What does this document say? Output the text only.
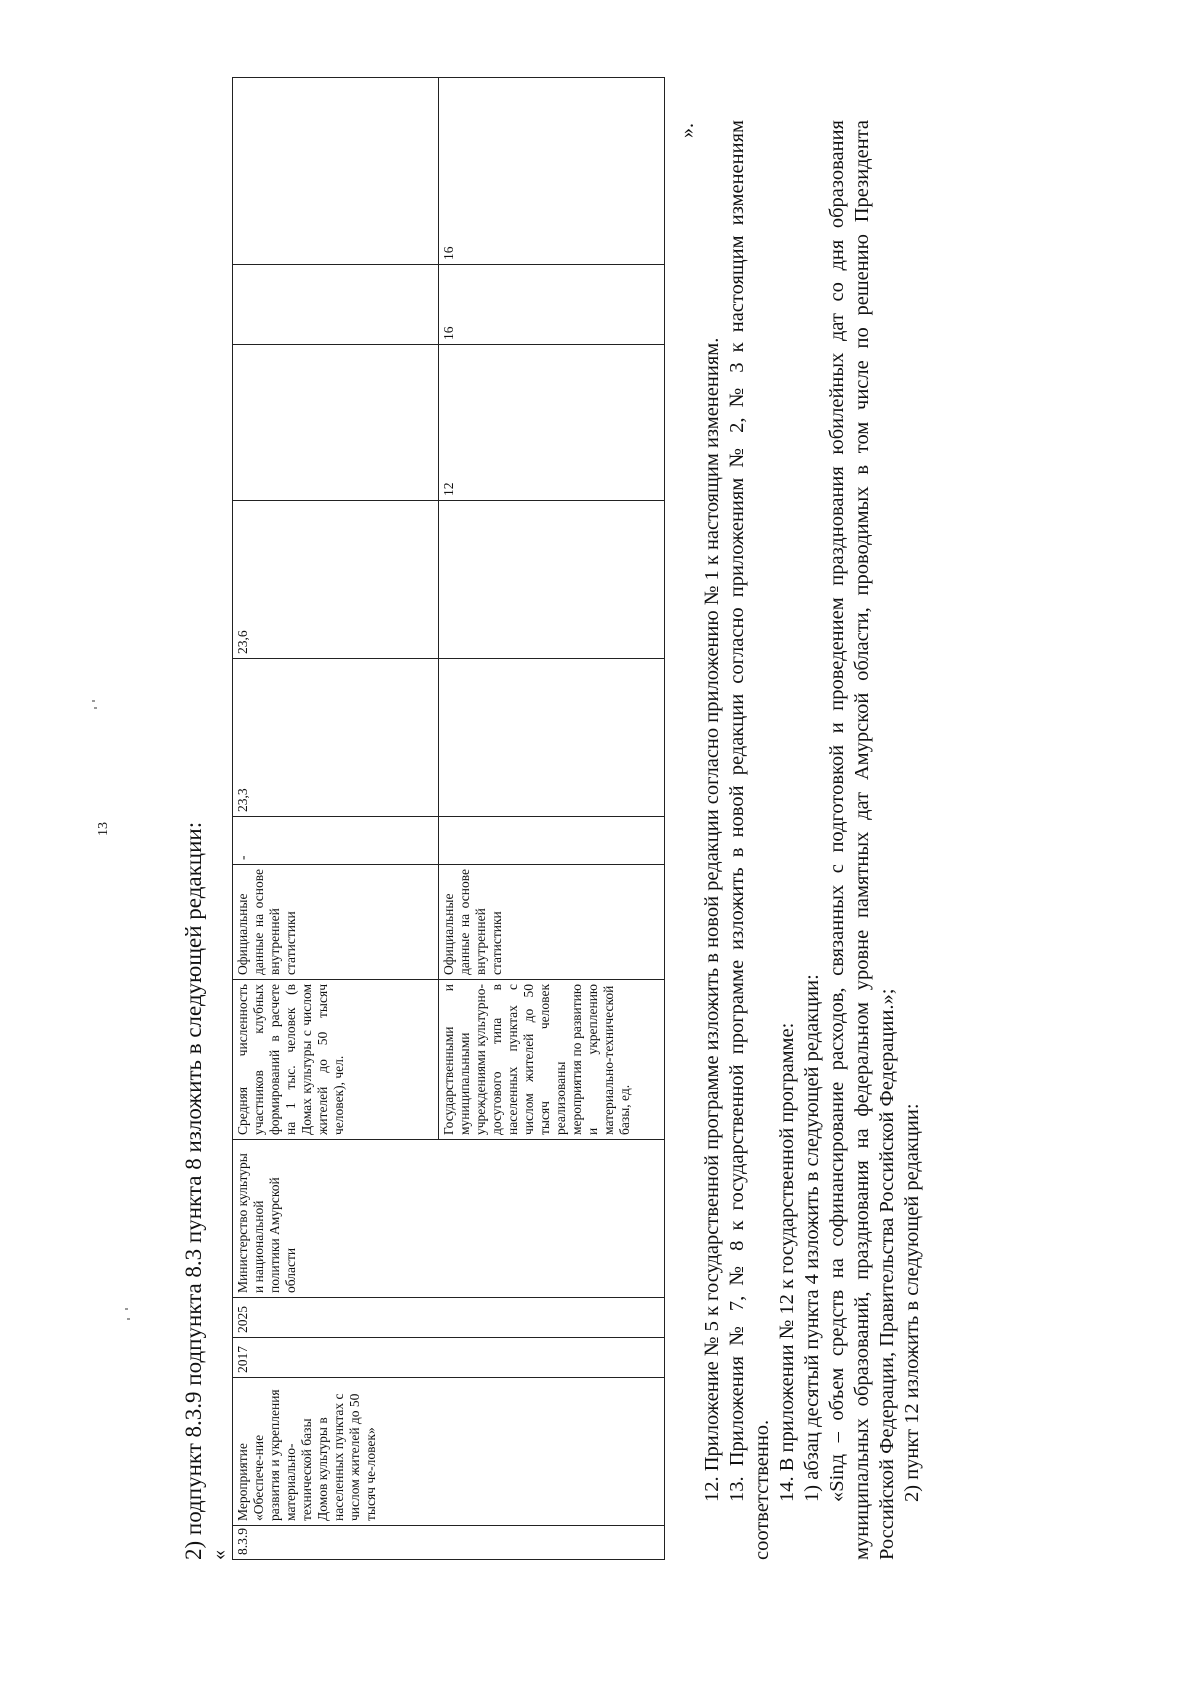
13	2) подпункт 8.3.9 подпункта 8.3 пункта 8 изложить в следующей редакции: « 8.3.9	Мероприятие «Обеспече-ние развития и укрепления материально-технической базы Домов культуры в населенных пунктах с числом жителей до 50 тысяч че-ловек»	2017	2025	Министерство культуры и национальной политики Амурской области	Средняя численность участников клубных формирований в расчете на 1 тыс. человек (в Домах культуры с числом жителей до 50 тысяч человек), чел.	Официальные данные на основе внутренней статистики	-	23,3	23,6			
					Государственными и муниципальными учреждениями культурно-досугового типа в населенных пунктах с числом жителей до 50 тысяч человек реализованы мероприятия по развитию и укреплению материально-технической базы, ед.	Официальные данные на основе внутренней статистики				12	16	16
».

12. Приложение № 5 к государственной программе изложить в новой редакции согласно приложению № 1 к настоящим изменениям. 13. Приложения № 7, № 8 к государственной программе изложить в новой редакции согласно приложениям № 2, № 3 к настоящим изменениям соответственно. 14. В приложении № 12 к государственной программе: 1) абзац десятый пункта 4 изложить в следующей редакции: «Sinд – объем средств на софинансирование расходов, связанных с подготовкой и проведением празднования юбилейных дат со дня образования муниципальных образований, празднования на федеральном уровне памятных дат Амурской области, проводимых в том числе по решению Президента Российской Федерации, Правительства Российской Федерации.»; 2) пункт 12 изложить в следующей редакции:
